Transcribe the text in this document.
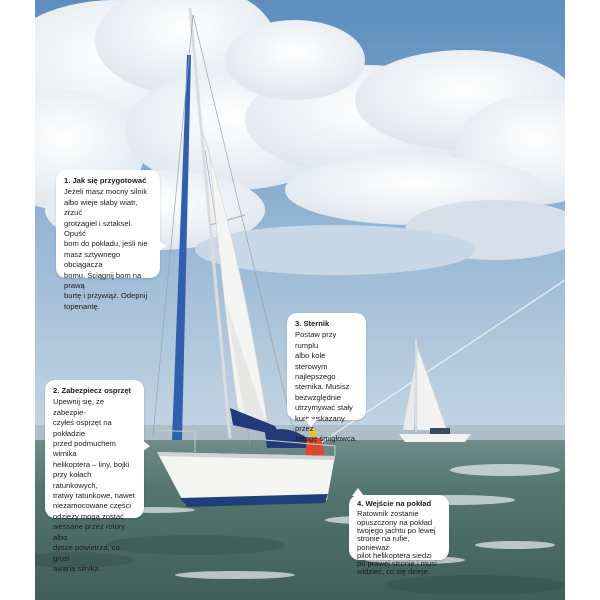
1. Jak się przygotować
Jeżeli masz mocny silnik
albo wieje słaby wiatr, zrzuć
grotżagiel i sztaksel. Opuść
bom do pokładu, jeśli nie
masz sztywnego obciągacza
bomu. Ściągnij bom na prawą
burtę i przywiąż. Odepnij
topenantę.
2. Zabezpiecz osprzęt
Upewnij się, że zabezpie-
czyłeś osprzęt na pokładzie
przed podmuchem wirnika
helikoptera – liny, bojki
przy kołach ratunkowych,
tratwy ratunkowe, nawet
niezamocowane części
odzieży mogą zostać
wessane przez rotory albo
dysze powietrza, co grozi
awarią silnika.
3. Sternik
Postaw przy rumplu
albo kole sterowym
najlepszego
sternika. Musisz
bezwzględnie
utrzymywać stały
kurs wskazany przez
załogę śmigłowca.
4. Wejście na pokład
Ratownik zostanie
opuszczony na pokład
twojego jachtu po lewej
stronie na rufie, ponieważ
pilot helikoptera siedzi
po prawej stronie i musi
widzieć, co się dzieje.
